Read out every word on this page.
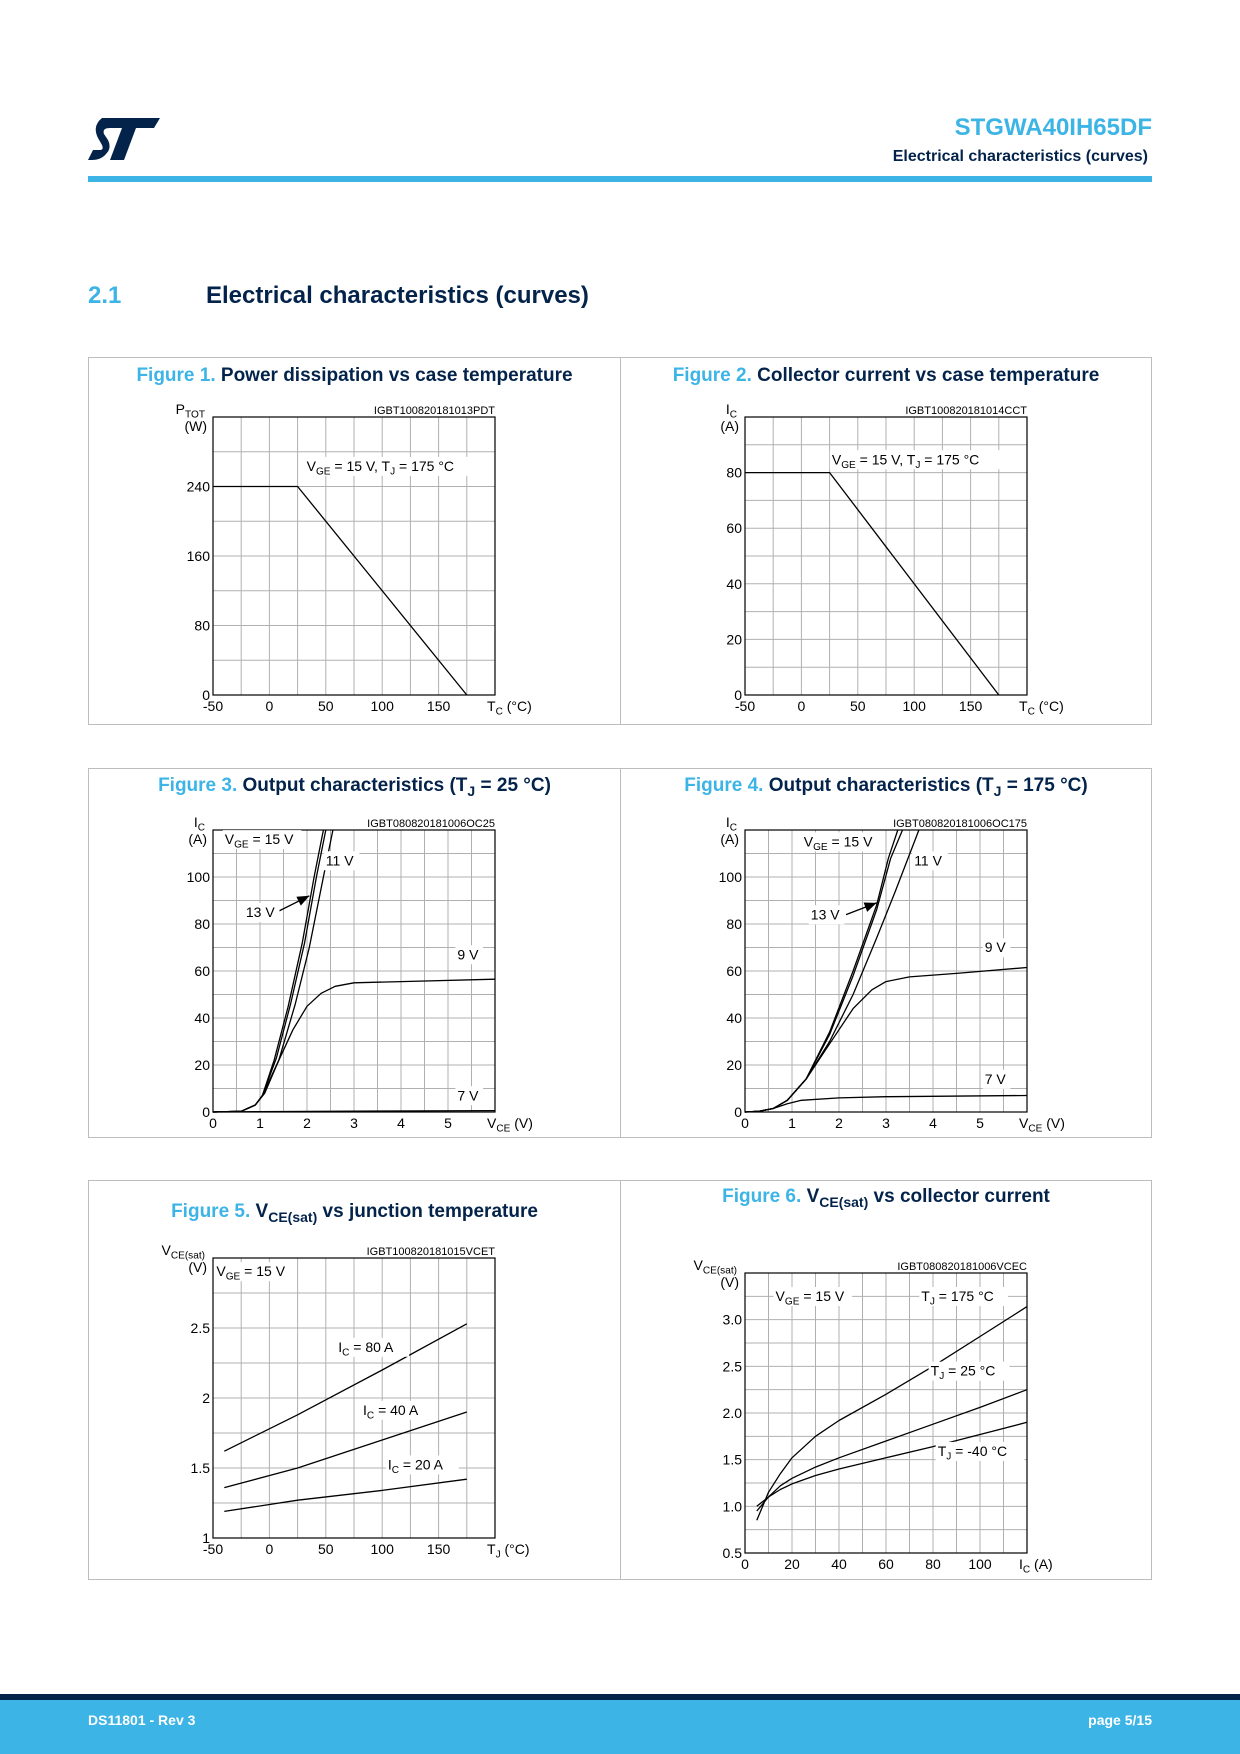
STGWA40IH65DF
Electrical characteristics (curves)
2.1	Electrical characteristics (curves)
Figure 1. Power dissipation vs case temperature	Figure 2. Collector current vs case temperature
Figure 3. Output characteristics ($T_J = 25$ °C)	Figure 4. Output characteristics ($T_J = 175$ °C)
Figure 5. $V_{CE(sat)}$ vs junction temperature
Figure 6. $V_{CE(sat)}$ vs collector current
IGBT100820181013PDT
-50	0	50	100 150
0
80
160
240
$P_{TOT}$
(W)
$T_C$ (°C)
$V_{GE} = 15$ V, $T_J = 175$ °C
IGBT100820181014CCT
-50	0	50	100 150
0
20
40
60
80
$I_C$
(A)
$T_C$ (°C)
$V_{GE} = 15$ V, $T_J = 175$ °C
IGBT080820181006OC25
0	1	2	3	4	5
0
20
40
60
80
100
$I_C$
(A)
$V_{CE}$ (V)
$V_{GE} = 15$ V
11 V
13 V
9 V
7 V
IGBT080820181006OC175
0	1	2	3	4	5
0
20
40
60
80
100
$I_C$
(A)
$V_{CE}$ (V)
$V_{GE} = 15$ V
11 V
13 V
9 V
7 V
IGBT100820181015VCET
-50	0	50	100 150
1
1.5
2
2.5
$V_{CE(sat)}$
(V)
$T_J$ (°C)
$V_{GE} = 15$ V
$I_C = 80$ A
$I_C = 40$ A
$I_C = 20$ A
IGBT080820181006VCEC
0	20 40 60 80 100
0.5
1.0
1.5
2.0
2.5
3.0
$V_{CE(sat)}$
(V)
$I_C$ (A)
$V_{GE} = 15$ V	$T_J = 175$ °C
$T_J = 25$ °C
$T_J = -40$ °C
DS11801 - Rev 3	page 5/15
